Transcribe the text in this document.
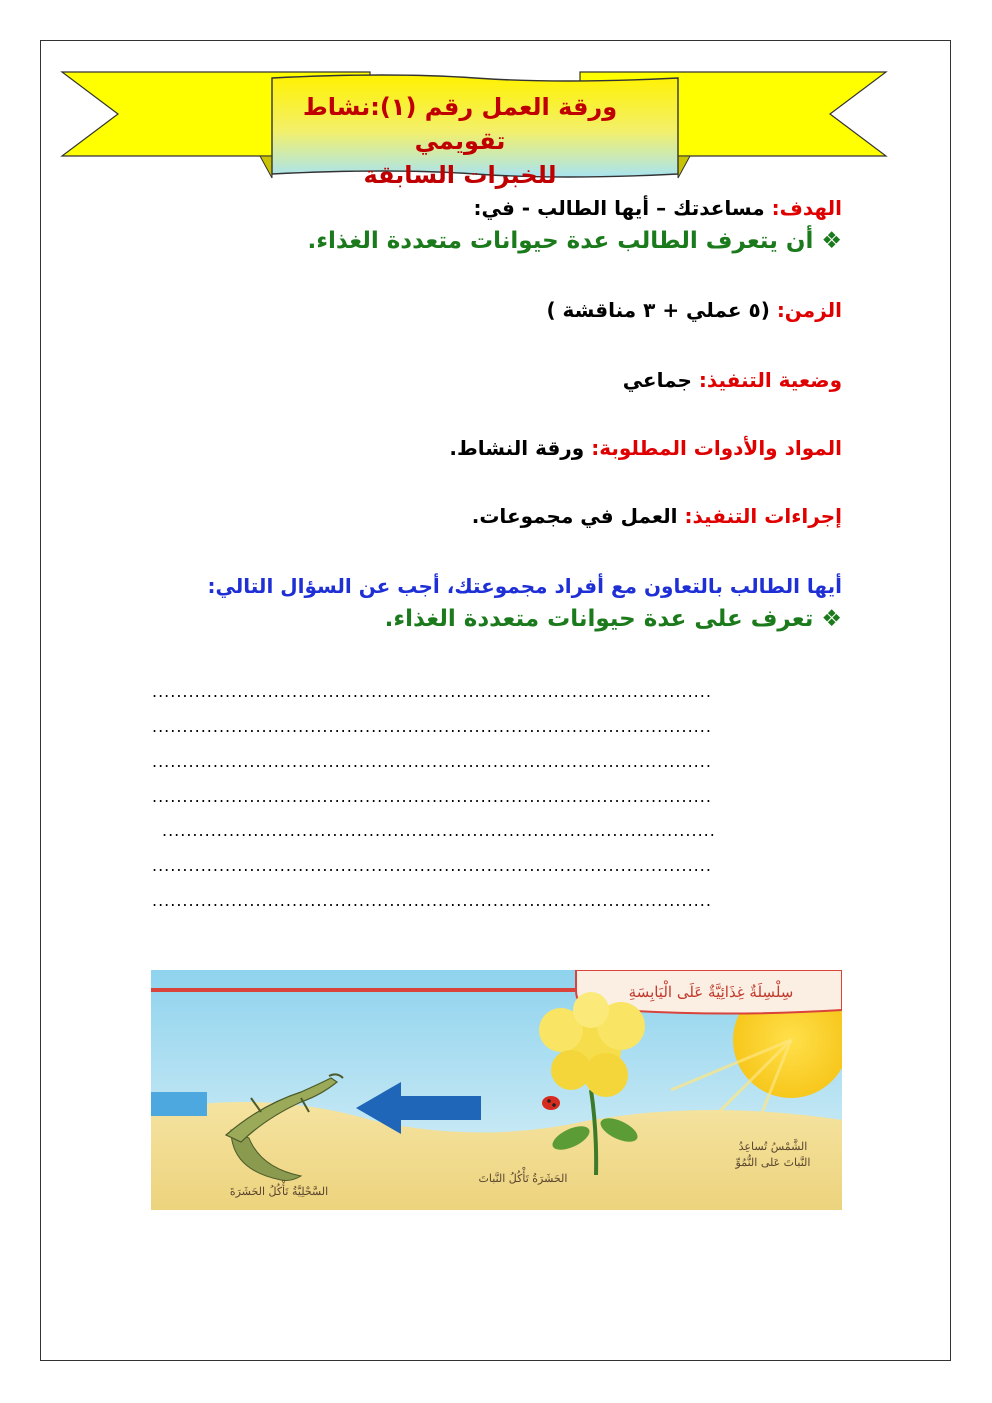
ورقة العمل رقم (١):نشاط تقويمي
للخبرات السابقة
الهدف: مساعدتك – أيها الطالب - في:
❖ أن يتعرف الطالب عدة حيوانات متعددة الغذاء.
الزمن: (٥ عملي + ٣ مناقشة )
وضعية التنفيذ: جماعي
المواد والأدوات المطلوبة: ورقة النشاط.
إجراءات التنفيذ: العمل في مجموعات.
أيها الطالب بالتعاون مع أفراد مجموعتك، أجب عن السؤال التالي:
❖ تعرف على عدة حيوانات متعددة الغذاء.
............................................................................................
............................................................................................
............................................................................................
............................................................................................
...........................................................................................
............................................................................................
............................................................................................
الشَّمْسُ تُساعِدُ
النَّباتَ عَلى النُّمُوِّ
الحَشَرَةُ تَأْكُلُ النَّباتَ
السَّحْلِيَّةُ تَأْكُلُ الحَشَرَةَ
سِلْسِلَةٌ غِذَائِيَّةٌ عَلَى الْيَابِسَةِ
